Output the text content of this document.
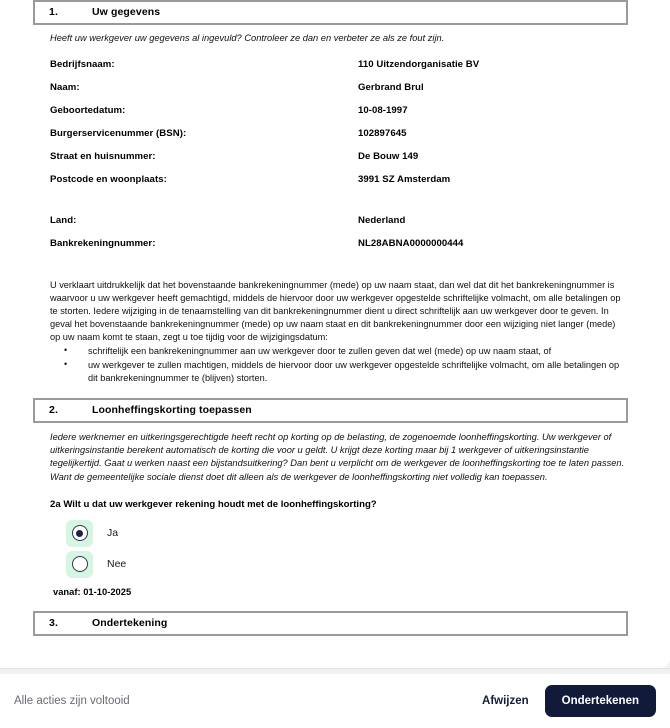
1.	Uw gegevens

Heeft uw werkgever uw gegevens al ingevuld? Controleer ze dan en verbeter ze als ze fout zijn.

Bedrijfsnaam:	110 Uitzendorganisatie BV
Naam:	Gerbrand Brul
Geboortedatum:	10-08-1997
Burgerservicenummer (BSN):	102897645
Straat en huisnummer:	De Bouw 149
Postcode en woonplaats:	3991 SZ Amsterdam
Land:	Nederland
Bankrekeningnummer:	NL28ABNA0000000444

U verklaart uitdrukkelijk dat het bovenstaande bankrekeningnummer (mede) op uw naam staat, dan wel dat dit het bankrekeningnummer is waarvoor u uw werkgever heeft gemachtigd, middels de hiervoor door uw werkgever opgestelde schriftelijke volmacht, om alle betalingen op te storten. Iedere wijziging in de tenaamstelling van dit bankrekeningnummer dient u direct schriftelijk aan uw werkgever door te geven. In geval het bovenstaande bankrekeningnummer (mede) op uw naam staat en dit bankrekeningnummer door een wijziging niet langer (mede) op uw naam komt te staan, zegt u toe tijdig voor de wijzigingsdatum:

• schriftelijk een bankrekeningnummer aan uw werkgever door te zullen geven dat wel (mede) op uw naam staat, of
• uw werkgever te zullen machtigen, middels de hiervoor door uw werkgever opgestelde schriftelijke volmacht, om alle betalingen op dit bankrekeningnummer te (blijven) storten.
2.	Loonheffingskorting toepassen

Iedere werknemer en uitkeringsgerechtigde heeft recht op korting op de belasting, de zogenoemde loonheffingskorting. Uw werkgever of uitkeringsinstantie berekent automatisch de korting die voor u geldt. U krijgt deze korting maar bij 1 werkgever of uitkeringsinstantie tegelijkertijd. Gaat u werken naast een bijstandsuitkering? Dan bent u verplicht om de werkgever de loonheffingskorting toe te laten passen. Want de gemeentelijke sociale dienst doet dit alleen als de werkgever de loonheffingskorting niet volledig kan toepassen.

2a Wilt u dat uw werkgever rekening houdt met de loonheffingskorting?

Ja
Nee

vanaf: 01-10-2025

3.	Ondertekening
Alle acties zijn voltooid	Afwijzen	Ondertekenen
